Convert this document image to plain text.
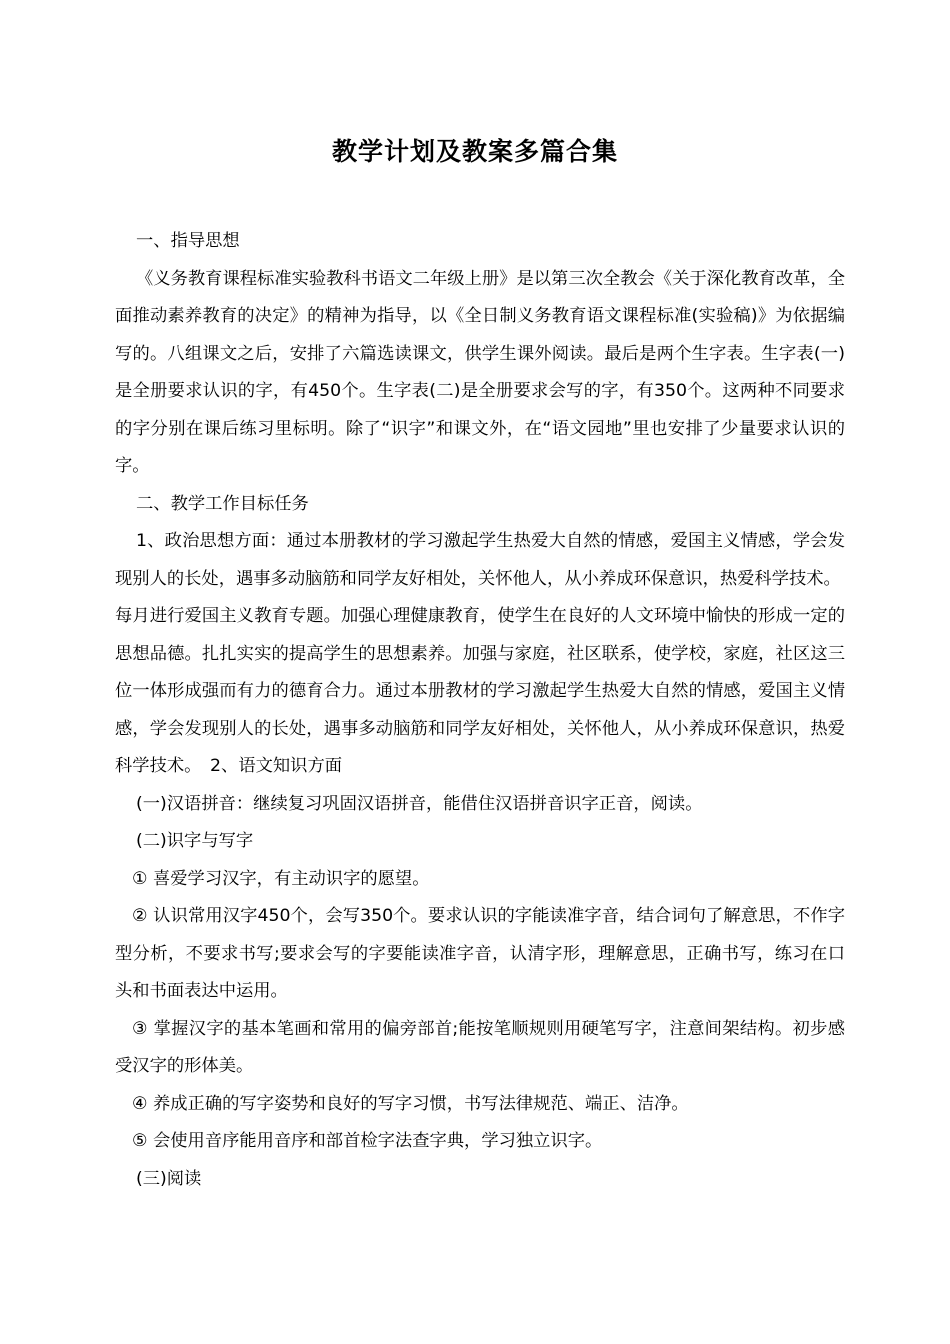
教学计划及教案多篇合集

一、指导思想

《义务教育课程标准实验教科书语文二年级上册》是以第三次全教会《关于深化教育改革，全面推动素养教育的决定》的精神为指导，以《全日制义务教育语文课程标准(实验稿)》为依据编写的。八组课文之后，安排了六篇选读课文，供学生课外阅读。最后是两个生字表。生字表(一)是全册要求认识的字，有450个。生字表(二)是全册要求会写的字，有350个。这两种不同要求的字分别在课后练习里标明。除了“识字”和课文外，在“语文园地”里也安排了少量要求认识的字。

二、教学工作目标任务

1、政治思想方面：通过本册教材的学习激起学生热爱大自然的情感，爱国主义情感，学会发现别人的长处，遇事多动脑筋和同学友好相处，关怀他人，从小养成环保意识，热爱科学技术。

每月进行爱国主义教育专题。加强心理健康教育，使学生在良好的人文环境中愉快的形成一定的思想品德。扎扎实实的提高学生的思想素养。加强与家庭，社区联系，使学校，家庭，社区这三位一体形成强而有力的德育合力。通过本册教材的学习激起学生热爱大自然的情感，爱国主义情感，学会发现别人的长处，遇事多动脑筋和同学友好相处，关怀他人，从小养成环保意识，热爱科学技术。　2、语文知识方面

(一)汉语拼音：继续复习巩固汉语拼音，能借住汉语拼音识字正音，阅读。

(二)识字与写字

① 喜爱学习汉字，有主动识字的愿望。

② 认识常用汉字450个，会写350个。要求认识的字能读准字音，结合词句了解意思，不作字型分析，不要求书写;要求会写的字要能读准字音，认清字形，理解意思，正确书写，练习在口头和书面表达中运用。

③ 掌握汉字的基本笔画和常用的偏旁部首;能按笔顺规则用硬笔写字，注意间架结构。初步感受汉字的形体美。

④ 养成正确的写字姿势和良好的写字习惯，书写法律规范、端正、洁净。

⑤ 会使用音序能用音序和部首检字法查字典，学习独立识字。

(三)阅读
